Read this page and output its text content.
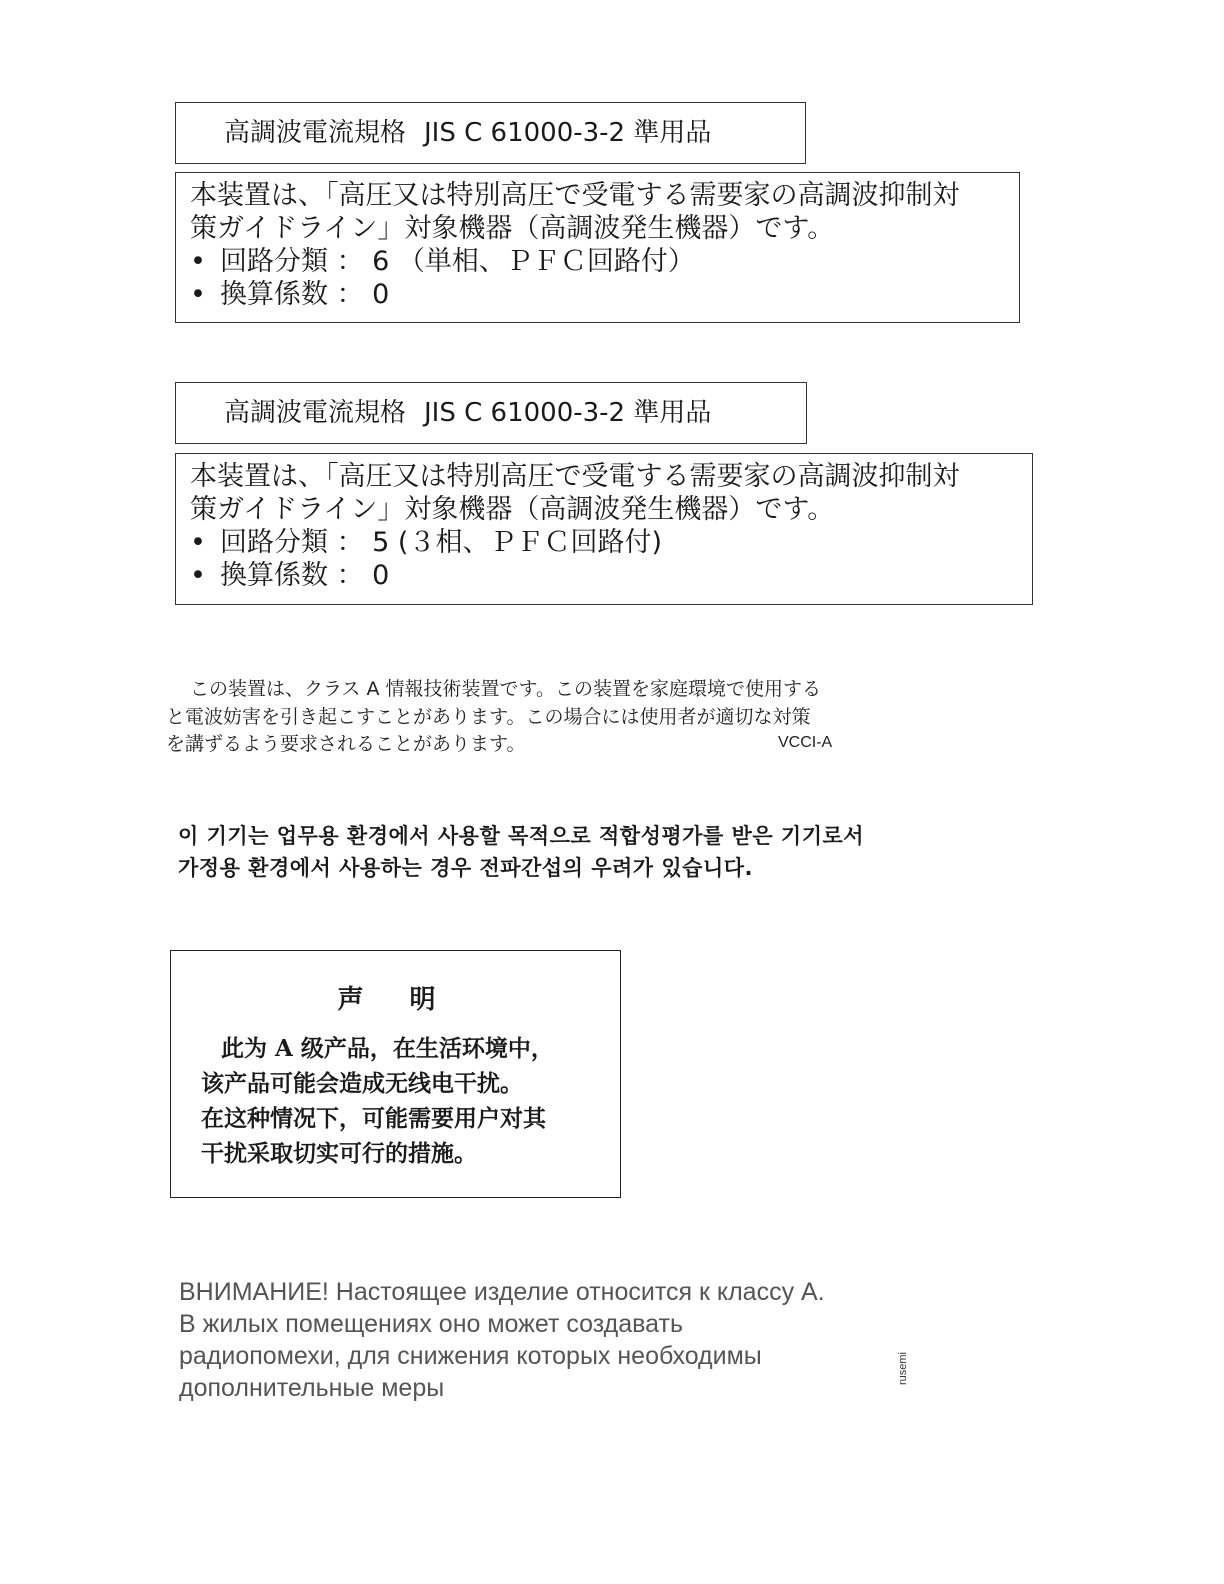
高調波電流規格 JIS C 61000-3-2 準用品
本装置は、「高圧又は特別高圧で受電する需要家の高調波抑制対
策ガイドライン」対象機器（高調波発生機器）です。
• 回路分類 ： 6 （単相、ＰＦＣ回路付）
• 換算係数 ： 0
高調波電流規格 JIS C 61000-3-2 準用品
本装置は、「高圧又は特別高圧で受電する需要家の高調波抑制対
策ガイドライン」対象機器（高調波発生機器）です。
• 回路分類 ： 5 (３相、ＰＦＣ回路付)
• 換算係数 ： 0
この装置は、クラス A 情報技術装置です。この装置を家庭環境で使用する
と電波妨害を引き起こすことがあります。この場合には使用者が適切な対策
を講ずるよう要求されることがあります。	VCCI-A
이 기기는 업무용 환경에서 사용할 목적으로 적합성평가를 받은 기기로서
가정용 환경에서 사용하는 경우 전파간섭의 우려가 있습니다.
声明
此为 A 级产品，在生活环境中，
该产品可能会造成无线电干扰。
在这种情况下，可能需要用户对其
干扰采取切实可行的措施。
ВНИМАНИЕ! Настоящее изделие относится к классу А.
В жилых помещениях оно может создавать
радиопомехи, для снижения которых необходимы
дополнительные меры
rusemi
